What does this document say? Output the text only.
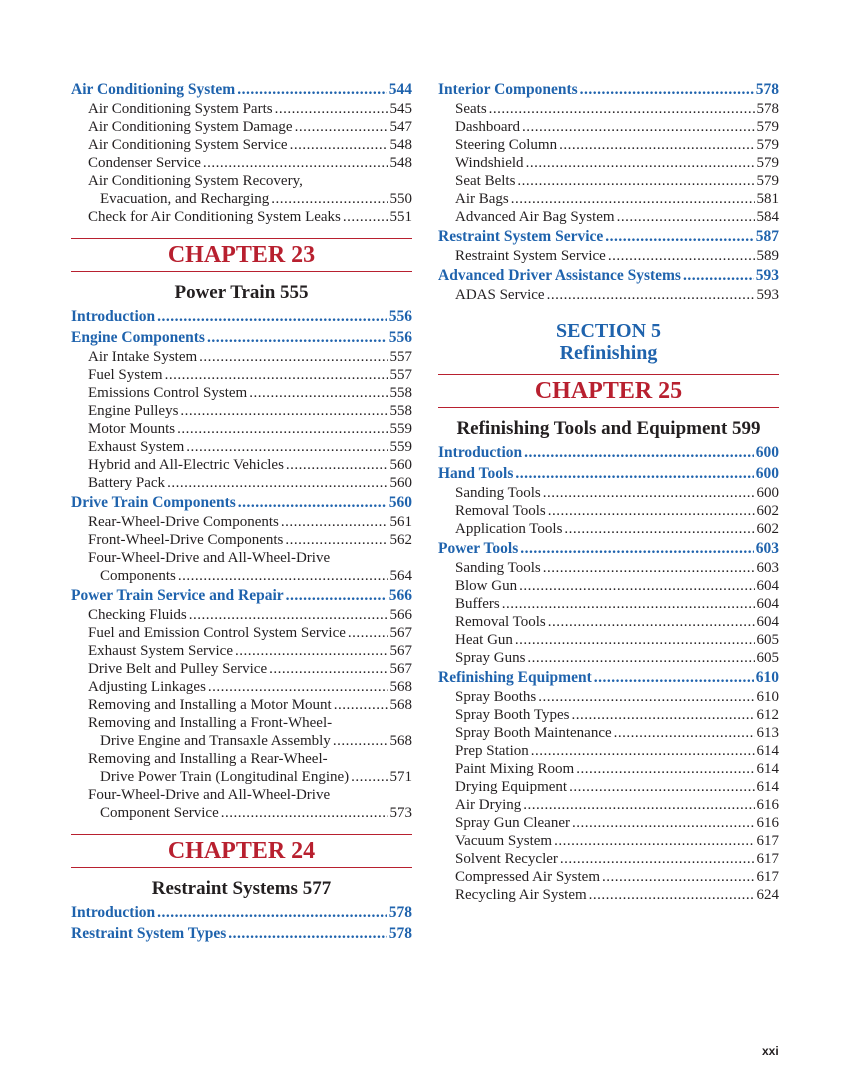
Air Conditioning System .....	544
Air Conditioning System Parts .....	545
Air Conditioning System Damage .....	547
Air Conditioning System Service .....	548
Condenser Service .....	548
Air Conditioning System Recovery,
Evacuation, and Recharging .....	550
Check for Air Conditioning System Leaks .....	551
CHAPTER 23
Power Train 555
Introduction .....	556
Engine Components .....	556
Air Intake System .....	557
Fuel System .....	557
Emissions Control System .....	558
Engine Pulleys .....	558
Motor Mounts .....	559
Exhaust System .....	559
Hybrid and All-Electric Vehicles .....	560
Battery Pack .....	560
Drive Train Components .....	560
Rear-Wheel-Drive Components .....	561
Front-Wheel-Drive Components .....	562
Four-Wheel-Drive and All-Wheel-Drive
Components .....	564
Power Train Service and Repair .....	566
Checking Fluids .....	566
Fuel and Emission Control System Service .....	567
Exhaust System Service .....	567
Drive Belt and Pulley Service .....	567
Adjusting Linkages .....	568
Removing and Installing a Motor Mount .....	568
Removing and Installing a Front-Wheel-
Drive Engine and Transaxle Assembly .....	568
Removing and Installing a Rear-Wheel-
Drive Power Train (Longitudinal Engine) .....	571
Four-Wheel-Drive and All-Wheel-Drive
Component Service .....	573
CHAPTER 24
Restraint Systems 577
Introduction .....	578
Restraint System Types .....	578
Interior Components .....	578
Seats .....	578
Dashboard .....	579
Steering Column .....	579
Windshield .....	579
Seat Belts .....	579
Air Bags .....	581
Advanced Air Bag System .....	584
Restraint System Service .....	587
Restraint System Service .....	589
Advanced Driver Assistance Systems .....	593
ADAS Service .....	593
SECTION 5
Refinishing
CHAPTER 25
Refinishing Tools and Equipment 599
Introduction .....	600
Hand Tools .....	600
Sanding Tools .....	600
Removal Tools .....	602
Application Tools .....	602
Power Tools .....	603
Sanding Tools .....	603
Blow Gun .....	604
Buffers .....	604
Removal Tools .....	604
Heat Gun .....	605
Spray Guns .....	605
Refinishing Equipment .....	610
Spray Booths .....	610
Spray Booth Types .....	612
Spray Booth Maintenance .....	613
Prep Station .....	614
Paint Mixing Room .....	614
Drying Equipment .....	614
Air Drying .....	616
Spray Gun Cleaner .....	616
Vacuum System .....	617
Solvent Recycler .....	617
Compressed Air System .....	617
Recycling Air System .....	624
xxi
